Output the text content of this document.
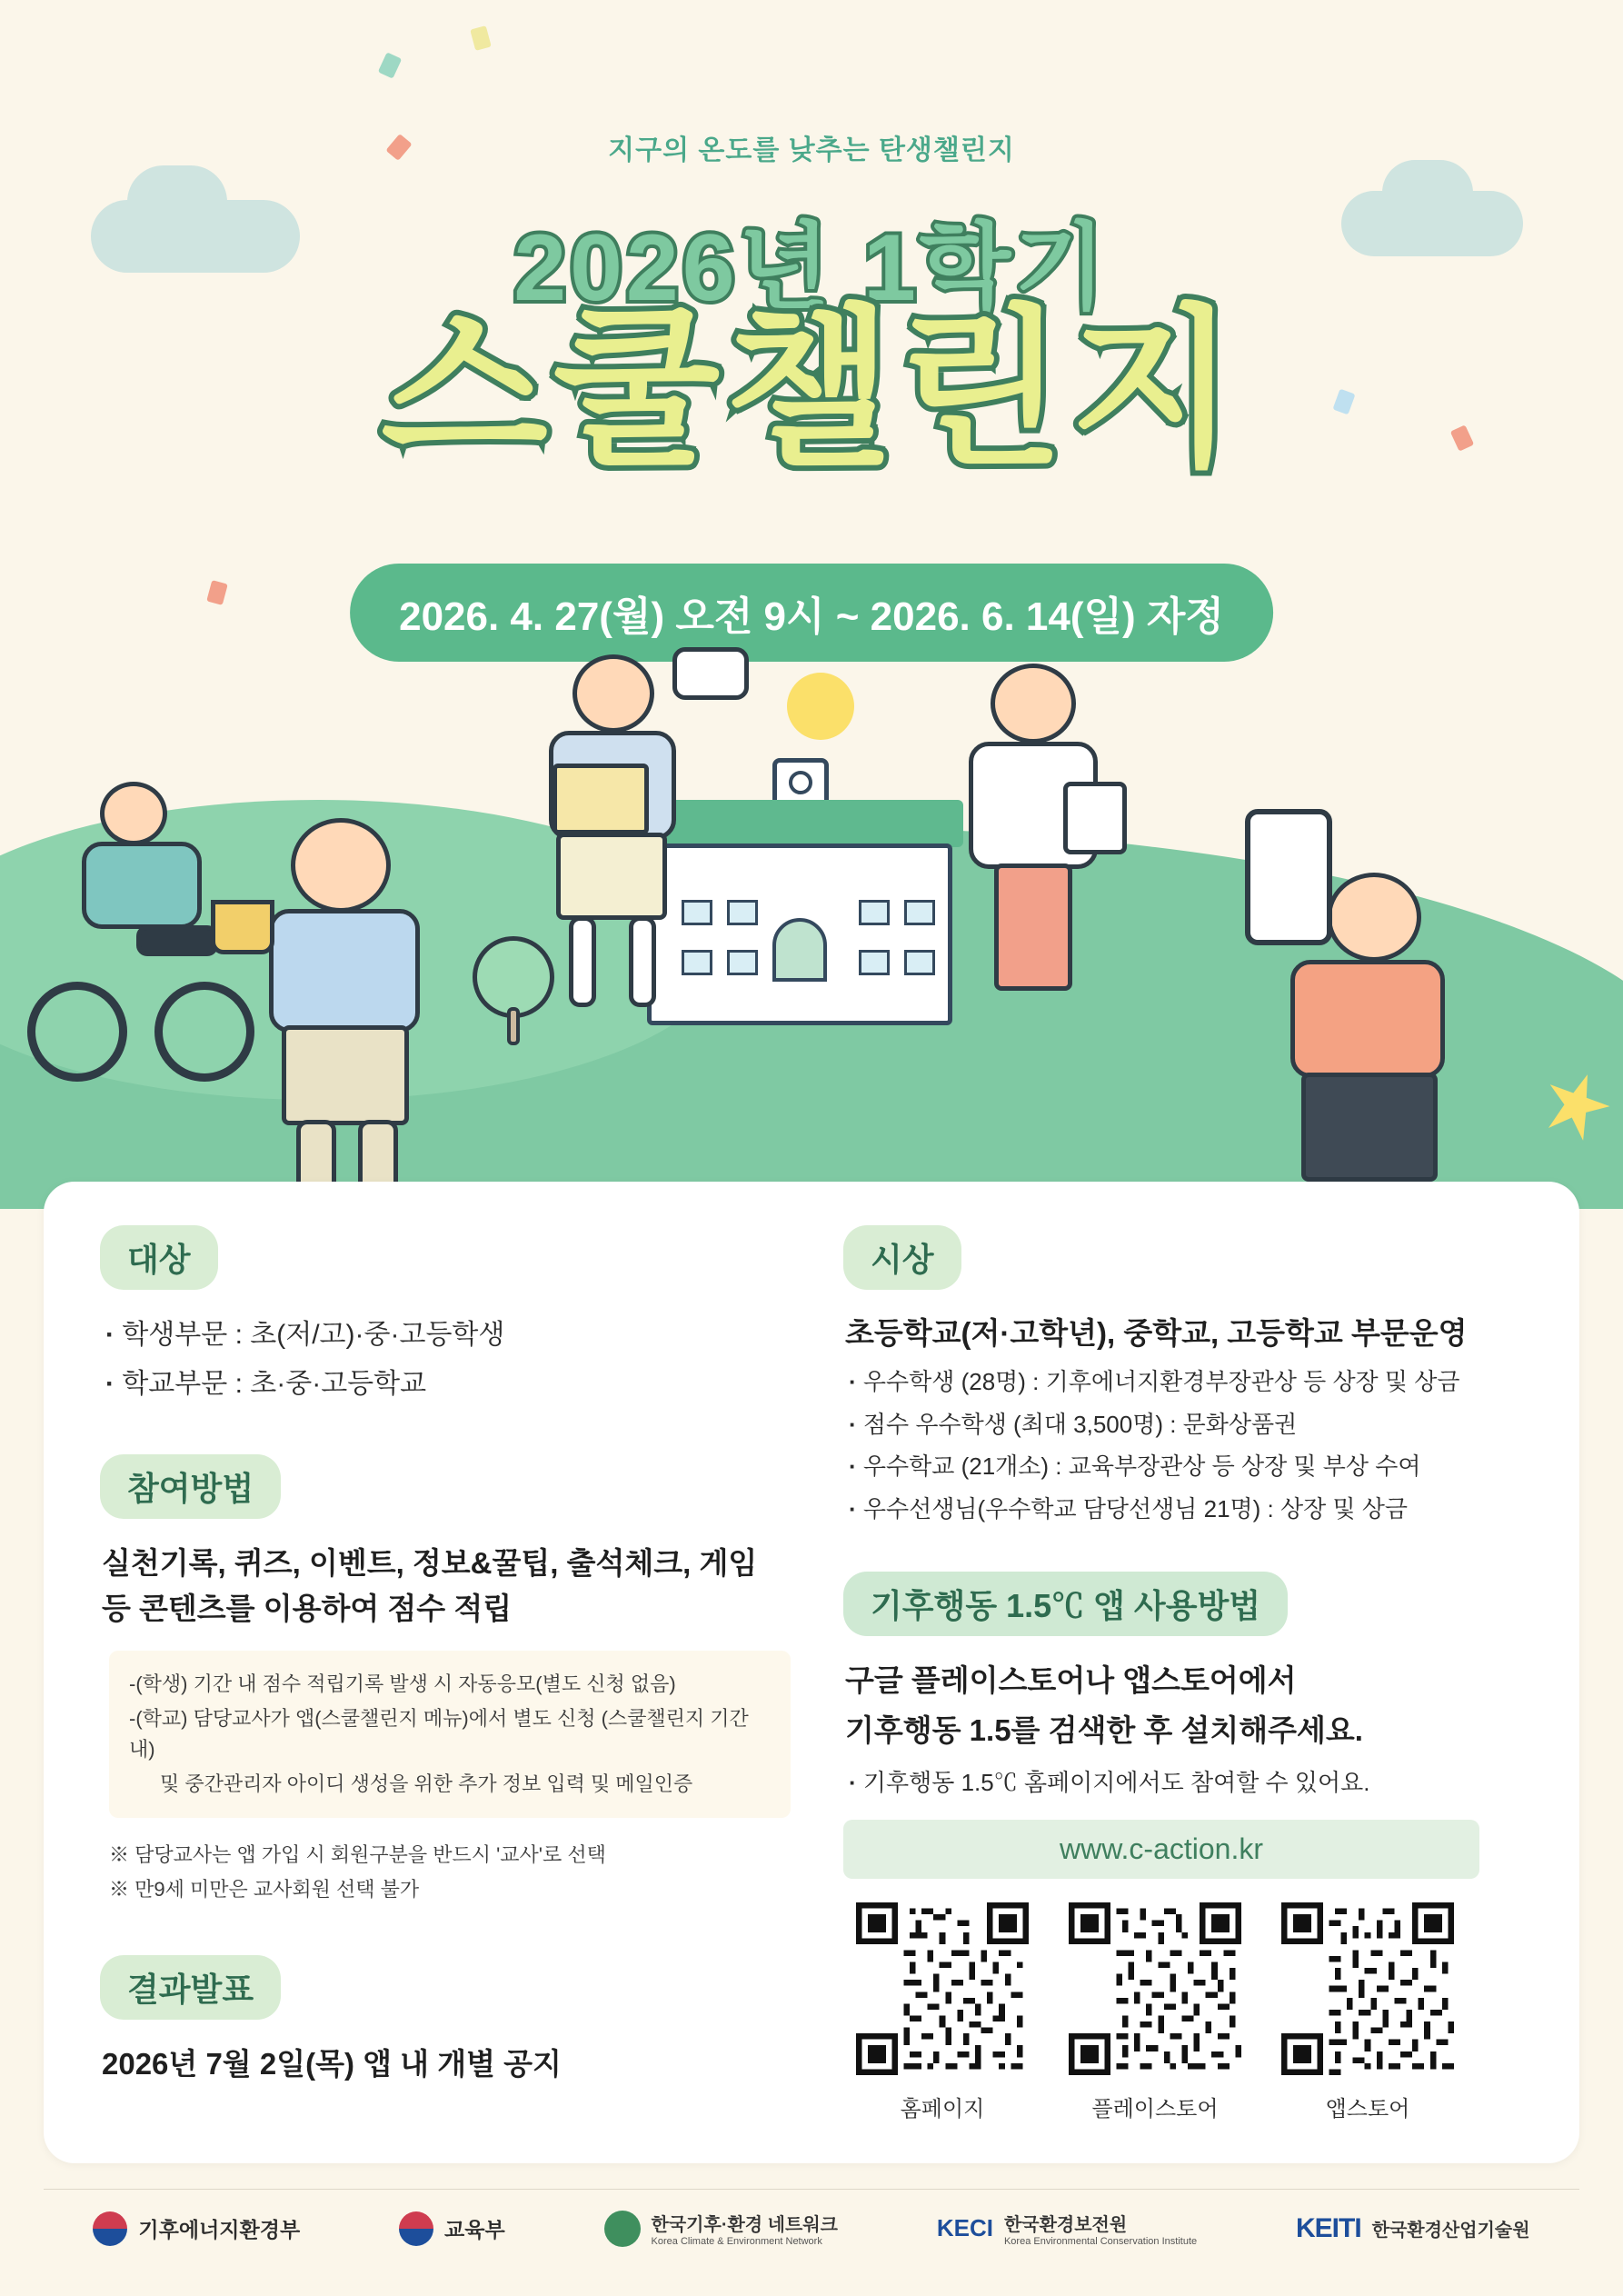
지구의 온도를 낮추는 탄생챌린지
2026년 1학기
스쿨챌린지
2026. 4. 27(월) 오전 9시 ~ 2026. 6. 14(일) 자정
대상
· 학생부문 : 초(저/고)·중·고등학생
· 학교부문 : 초·중·고등학교
참여방법
실천기록, 퀴즈, 이벤트, 정보&꿀팁, 출석체크, 게임 등 콘텐츠를 이용하여 점수 적립
-(학생) 기간 내 점수 적립기록 발생 시 자동응모(별도 신청 없음)
-(학교) 담당교사가 앱(스쿨챌린지 메뉴)에서 별도 신청 (스쿨챌린지 기간 내)
및 중간관리자 아이디 생성을 위한 추가 정보 입력 및 메일인증
※ 담당교사는 앱 가입 시 회원구분을 반드시 '교사'로 선택
※ 만9세 미만은 교사회원 선택 불가
결과발표
2026년 7월 2일(목) 앱 내 개별 공지
시상
초등학교(저·고학년), 중학교, 고등학교 부문운영
· 우수학생 (28명) : 기후에너지환경부장관상 등 상장 및 상금
· 점수 우수학생 (최대 3,500명) : 문화상품권
· 우수학교 (21개소) : 교육부장관상 등 상장 및 부상 수여
· 우수선생님(우수학교 담당선생님 21명) : 상장 및 상금
기후행동 1.5℃ 앱 사용방법
구글 플레이스토어나 앱스토어에서
기후행동 1.5를 검색한 후 설치해주세요.
· 기후행동 1.5℃ 홈페이지에서도 참여할 수 있어요.
www.c-action.kr
홈페이지	플레이스토어	앱스토어
기후에너지환경부	교육부	한국기후·환경 네트워크
Korea Climate & Environment Network	KECI 한국환경보전원
Korea Environmental Conservation Institute	KEITI 한국환경산업기술원
